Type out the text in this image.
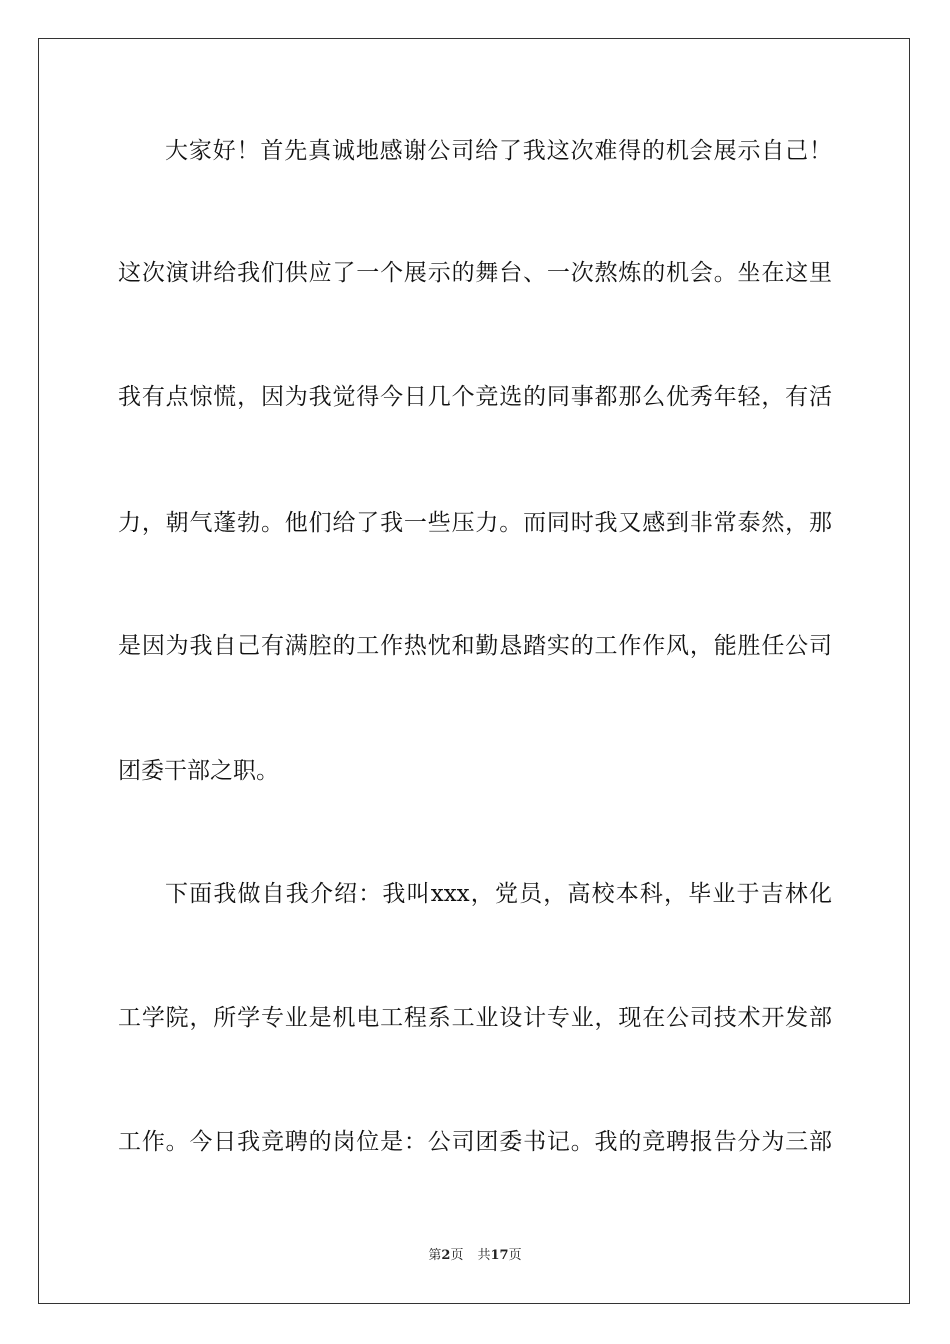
大家好！首先真诚地感谢公司给了我这次难得的机会展示自己！
这次演讲给我们供应了一个展示的舞台、一次熬炼的机会。坐在这里
我有点惊慌，因为我觉得今日几个竞选的同事都那么优秀年轻，有活
力，朝气蓬勃。他们给了我一些压力。而同时我又感到非常泰然，那
是因为我自己有满腔的工作热忱和勤恳踏实的工作作风，能胜任公司
团委干部之职。
下面我做自我介绍：我叫xxx，党员，高校本科，毕业于吉林化
工学院，所学专业是机电工程系工业设计专业，现在公司技术开发部
工作。今日我竞聘的岗位是：公司团委书记。我的竞聘报告分为三部
第2页 共17页
